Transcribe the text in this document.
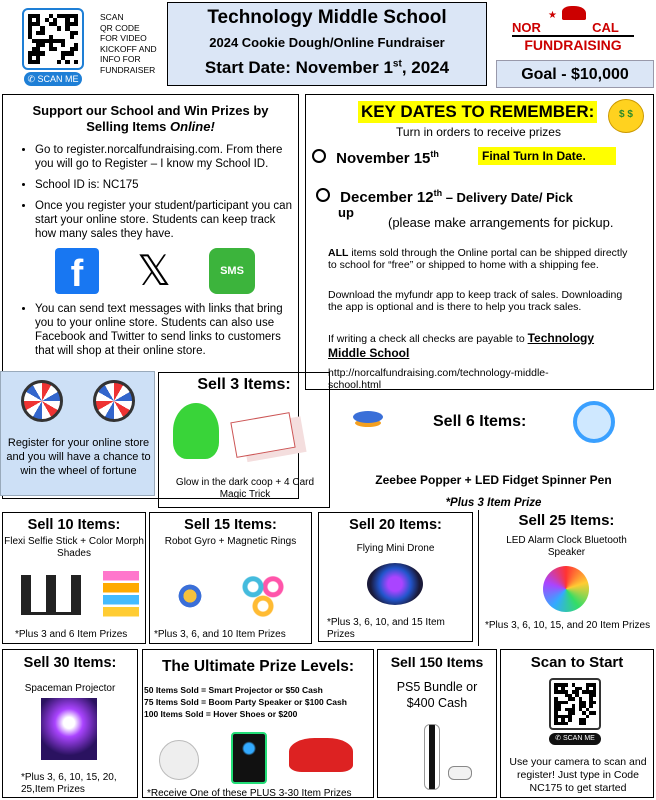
✆ SCAN ME
SCAN
QR CODE
FOR VIDEO
KICKOFF AND
INFO FOR
FUNDRAISER
Technology Middle School
2024 Cookie Dough/Online Fundraiser
Start Date: November 1st, 2024
★
NOR	CAL
FUNDRAISING
Goal - $10,000
Support our School and Win Prizes by
Selling Items Online!
• Go to register.norcalfundraising.com. From there you will go to Register – I know my School ID.
• School ID is: NC175
• Once you register your student/participant you can start your online store. Students can keep track how many sales they have.
f	𝕏	SMS
• You can send text messages with links that bring you to your online store. Students can also use Facebook and Twitter to send links to customers that will shop at their online store.
Register for your online store and you will have a chance to win the wheel of fortune
Sell 3 Items:
Glow in the dark coop + 4 Card Magic Trick
KEY DATES TO REMEMBER:	$ $
Turn in orders to receive prizes
November 15th	Final Turn In Date.
December 12th – Delivery Date/ Pick
up
(please make arrangements for pickup.
ALL items sold through the Online portal can be shipped directly to school for “free” or shipped to home with a shipping fee.
Download the myfundr app to keep track of sales. Downloading the app is optional and is there to help you track sales.
If writing a check all checks are payable to Technology Middle School
http://norcalfundraising.com/technology-middle-school.html
Sell 6 Items:
Zeebee Popper + LED Fidget Spinner Pen
*Plus 3 Item Prize
Sell 10 Items:
Flexi Selfie Stick + Color Morph Shades
*Plus 3 and 6 Item Prizes
Sell 15 Items:
Robot Gyro + Magnetic Rings
*Plus 3, 6, and 10 Item Prizes
Sell 20 Items:
Flying Mini Drone
*Plus 3, 6, 10, and 15 Item Prizes
Sell 25 Items:
LED Alarm Clock Bluetooth Speaker
*Plus 3, 6, 10, 15, and 20 Item Prizes
Sell 30 Items:
Spaceman Projector
*Plus 3, 6, 10, 15, 20, 25,Item Prizes
The Ultimate Prize Levels:
50 Items Sold = Smart Projector or $50 Cash
75 Items Sold = Boom Party Speaker or $100 Cash
100 Items Sold = Hover Shoes or $200
*Receive One of these PLUS 3-30 Item Prizes
Sell 150 Items
PS5 Bundle or $400 Cash
Scan to Start
✆ SCAN ME
Use your camera to scan and register! Just type in Code NC175 to get started
